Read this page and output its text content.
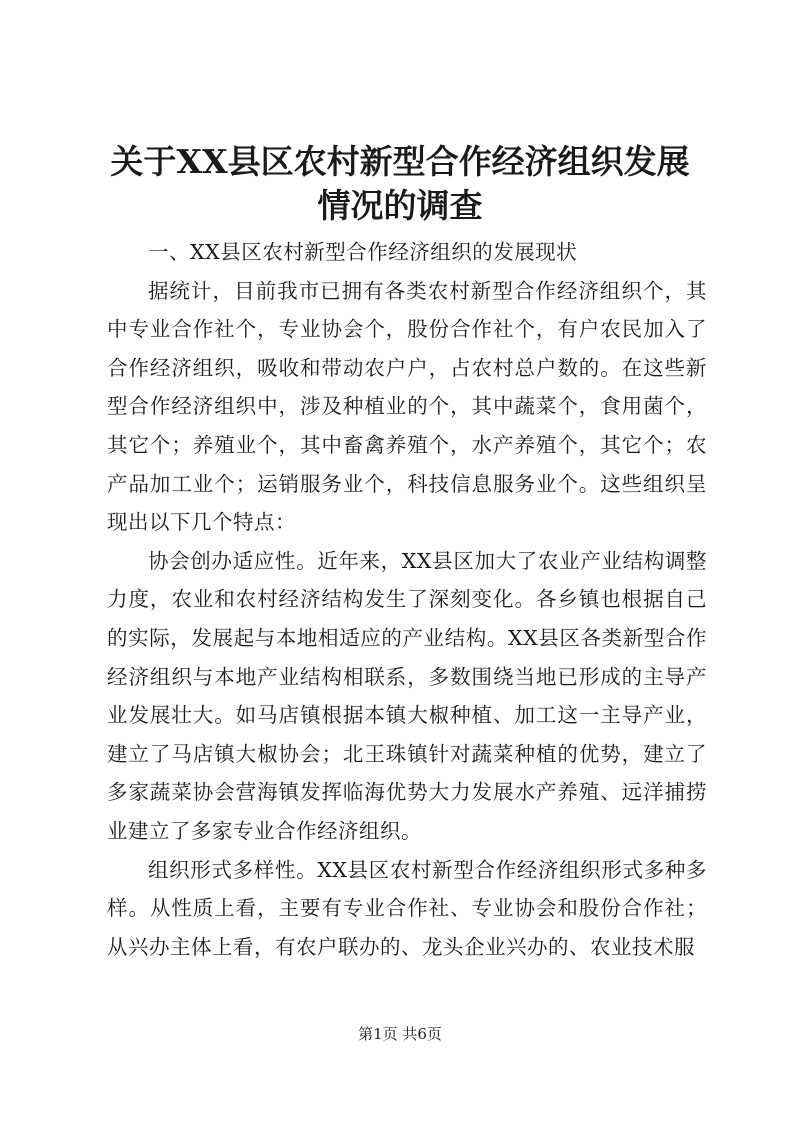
关于XX县区农村新型合作经济组织发展情况的调查

一、XX县区农村新型合作经济组织的发展现状

据统计，目前我市已拥有各类农村新型合作经济组织个，其中专业合作社个，专业协会个，股份合作社个，有户农民加入了合作经济组织，吸收和带动农户户，占农村总户数的。在这些新型合作经济组织中，涉及种植业的个，其中蔬菜个，食用菌个，其它个；养殖业个，其中畜禽养殖个，水产养殖个，其它个；农产品加工业个；运销服务业个，科技信息服务业个。这些组织呈现出以下几个特点：

协会创办适应性。近年来，XX县区加大了农业产业结构调整力度，农业和农村经济结构发生了深刻变化。各乡镇也根据自己的实际，发展起与本地相适应的产业结构。XX县区各类新型合作经济组织与本地产业结构相联系，多数围绕当地已形成的主导产业发展壮大。如马店镇根据本镇大椒种植、加工这一主导产业，建立了马店镇大椒协会；北王珠镇针对蔬菜种植的优势，建立了多家蔬菜协会营海镇发挥临海优势大力发展水产养殖、远洋捕捞业建立了多家专业合作经济组织。

组织形式多样性。XX县区农村新型合作经济组织形式多种多样。从性质上看，主要有专业合作社、专业协会和股份合作社；从兴办主体上看，有农户联办的、龙头企业兴办的、农业技术服

第1页 共6页
